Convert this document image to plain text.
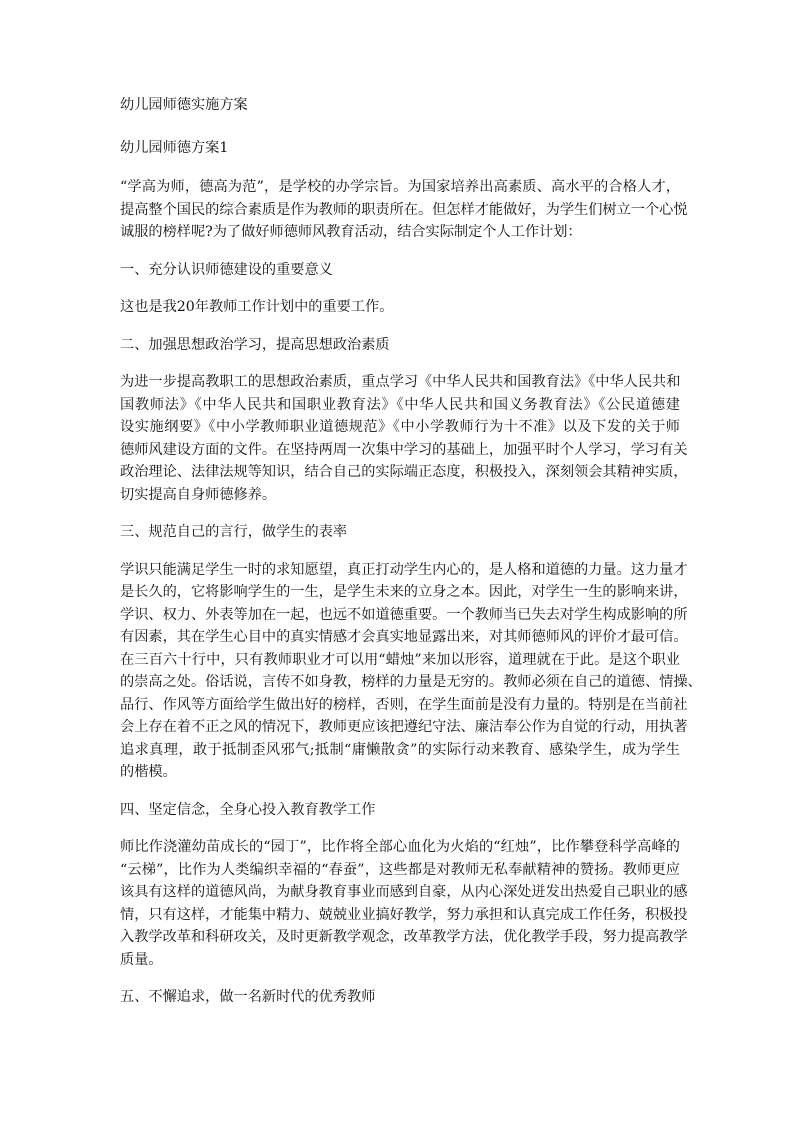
幼儿园师德实施方案

幼儿园师德方案1

“学高为师，德高为范”，是学校的办学宗旨。为国家培养出高素质、高水平的合格人才，
提高整个国民的综合素质是作为教师的职责所在。但怎样才能做好，为学生们树立一个心悦
诚服的榜样呢?为了做好师德师风教育活动，结合实际制定个人工作计划：

一、充分认识师德建设的重要意义

这也是我20年教师工作计划中的重要工作。

二、加强思想政治学习，提高思想政治素质

为进一步提高教职工的思想政治素质，重点学习《中华人民共和国教育法》《中华人民共和
国教师法》《中华人民共和国职业教育法》《中华人民共和国义务教育法》《公民道德建
设实施纲要》《中小学教师职业道德规范》《中小学教师行为十不准》以及下发的关于师
德师风建设方面的文件。在坚持两周一次集中学习的基础上，加强平时个人学习，学习有关
政治理论、法律法规等知识，结合自己的实际端正态度，积极投入，深刻领会其精神实质，
切实提高自身师德修养。

三、规范自己的言行，做学生的表率

学识只能满足学生一时的求知愿望，真正打动学生内心的，是人格和道德的力量。这力量才
是长久的，它将影响学生的一生，是学生未来的立身之本。因此，对学生一生的影响来讲，
学识、权力、外表等加在一起，也远不如道德重要。一个教师当已失去对学生构成影响的所
有因素，其在学生心目中的真实情感才会真实地显露出来，对其师德师风的评价才最可信。
在三百六十行中，只有教师职业才可以用“蜡烛”来加以形容，道理就在于此。是这个职业
的崇高之处。俗话说，言传不如身教，榜样的力量是无穷的。教师必须在自己的道德、情操、
品行、作风等方面给学生做出好的榜样，否则，在学生面前是没有力量的。特别是在当前社
会上存在着不正之风的情况下，教师更应该把遵纪守法、廉洁奉公作为自觉的行动，用执著
追求真理，敢于抵制歪风邪气;抵制“庸懒散贪”的实际行动来教育、感染学生，成为学生
的楷模。

四、坚定信念，全身心投入教育教学工作

师比作浇灌幼苗成长的“园丁”，比作将全部心血化为火焰的“红烛”，比作攀登科学高峰的
“云梯”，比作为人类编织幸福的“春蚕”，这些都是对教师无私奉献精神的赞扬。教师更应
该具有这样的道德风尚，为献身教育事业而感到自豪，从内心深处迸发出热爱自己职业的感
情，只有这样，才能集中精力、兢兢业业搞好教学，努力承担和认真完成工作任务，积极投
入教学改革和科研攻关，及时更新教学观念，改革教学方法，优化教学手段，努力提高教学
质量。

五、不懈追求，做一名新时代的优秀教师
